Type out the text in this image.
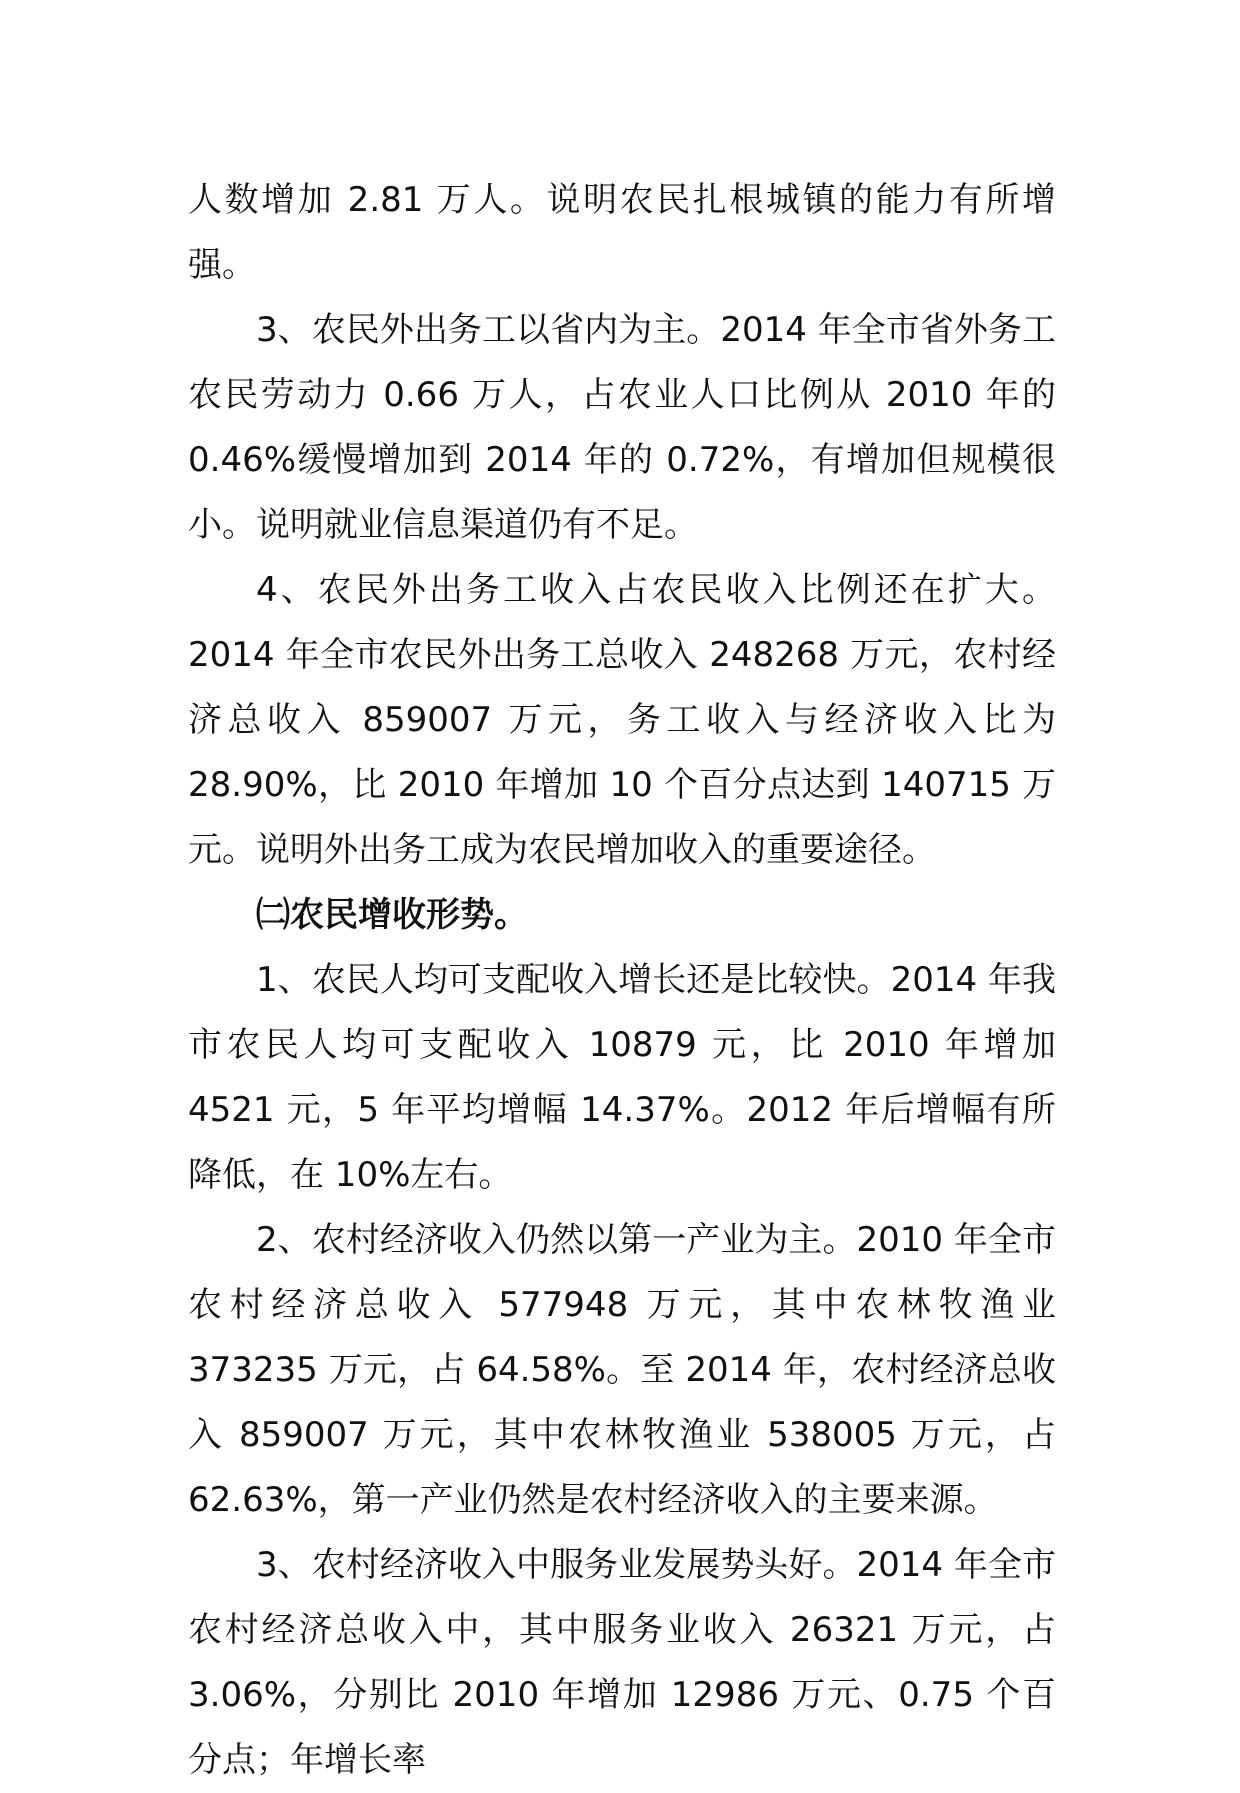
人数增加 2.81 万人。说明农民扎根城镇的能力有所增强。

3、农民外出务工以省内为主。2014 年全市省外务工农民劳动力 0.66 万人，占农业人口比例从 2010 年的 0.46%缓慢增加到 2014 年的 0.72%，有增加但规模很小。说明就业信息渠道仍有不足。

4、农民外出务工收入占农民收入比例还在扩大。2014 年全市农民外出务工总收入 248268 万元，农村经济总收入 859007 万元，务工收入与经济收入比为 28.90%，比 2010 年增加 10 个百分点达到 140715 万元。说明外出务工成为农民增加收入的重要途径。

㈡农民增收形势。

1、农民人均可支配收入增长还是比较快。2014 年我市农民人均可支配收入 10879 元，比 2010 年增加 4521 元，5 年平均增幅 14.37%。2012 年后增幅有所降低，在 10%左右。

2、农村经济收入仍然以第一产业为主。2010 年全市农村经济总收入 577948 万元，其中农林牧渔业 373235 万元，占 64.58%。至 2014 年，农村经济总收入 859007 万元，其中农林牧渔业 538005 万元，占 62.63%，第一产业仍然是农村经济收入的主要来源。

3、农村经济收入中服务业发展势头好。2014 年全市农村经济总收入中，其中服务业收入 26321 万元，占 3.06%，分别比 2010 年增加 12986 万元、0.75 个百分点；年增长率
